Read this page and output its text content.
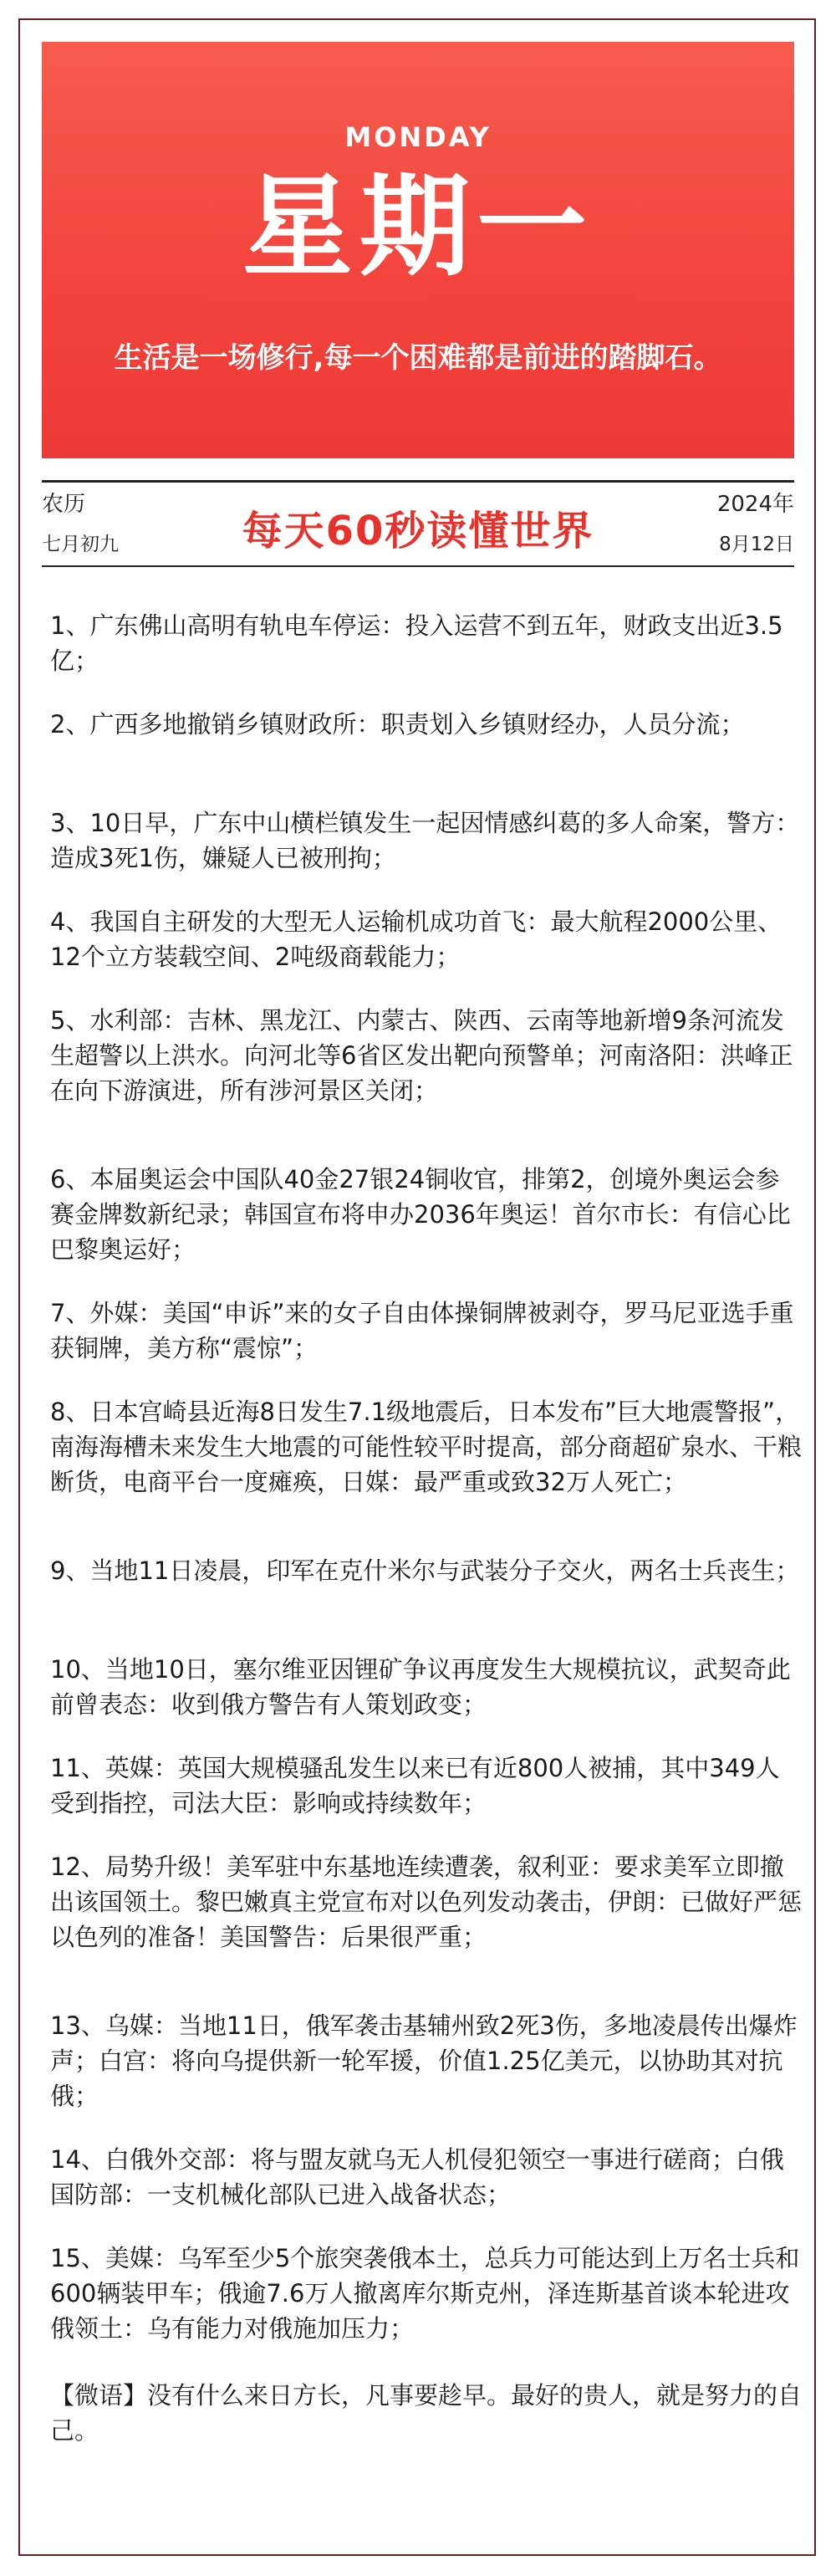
MONDAY
星期一
生活是一场修行,每一个困难都是前进的踏脚石。
农历
七月初九	每天60秒读懂世界
2024年
8月12日
1、广东佛山高明有轨电车停运：投入运营不到五年，财政支出近3.5亿；
2、广西多地撤销乡镇财政所：职责划入乡镇财经办，人员分流；
3、10日早，广东中山横栏镇发生一起因情感纠葛的多人命案，警方：造成3死1伤，嫌疑人已被刑拘；
4、我国自主研发的大型无人运输机成功首飞：最大航程2000公里、12个立方装载空间、2吨级商载能力；
5、水利部：吉林、黑龙江、内蒙古、陕西、云南等地新增9条河流发生超警以上洪水。向河北等6省区发出靶向预警单；河南洛阳：洪峰正在向下游演进，所有涉河景区关闭；
6、本届奥运会中国队40金27银24铜收官，排第2，创境外奥运会参赛金牌数新纪录；韩国宣布将申办2036年奥运！首尔市长：有信心比巴黎奥运好；
7、外媒：美国“申诉”来的女子自由体操铜牌被剥夺，罗马尼亚选手重获铜牌，美方称“震惊”；
8、日本宫崎县近海8日发生7.1级地震后，日本发布”巨大地震警报”，南海海槽未来发生大地震的可能性较平时提高，部分商超矿泉水、干粮断货，电商平台一度瘫痪，日媒：最严重或致32万人死亡；
9、当地11日凌晨，印军在克什米尔与武装分子交火，两名士兵丧生；
10、当地10日，塞尔维亚因锂矿争议再度发生大规模抗议，武契奇此前曾表态：收到俄方警告有人策划政变；
11、英媒：英国大规模骚乱发生以来已有近800人被捕，其中349人受到指控，司法大臣：影响或持续数年；
12、局势升级！美军驻中东基地连续遭袭，叙利亚：要求美军立即撤出该国领土。黎巴嫩真主党宣布对以色列发动袭击，伊朗：已做好严惩以色列的准备！美国警告：后果很严重；
13、乌媒：当地11日，俄军袭击基辅州致2死3伤，多地凌晨传出爆炸声；白宫：将向乌提供新一轮军援，价值1.25亿美元，以协助其对抗俄；
14、白俄外交部：将与盟友就乌无人机侵犯领空一事进行磋商；白俄国防部：一支机械化部队已进入战备状态；
15、美媒：乌军至少5个旅突袭俄本土，总兵力可能达到上万名士兵和600辆装甲车；俄逾7.6万人撤离库尔斯克州，泽连斯基首谈本轮进攻俄领土：乌有能力对俄施加压力；
【微语】没有什么来日方长，凡事要趁早。最好的贵人，就是努力的自己。
